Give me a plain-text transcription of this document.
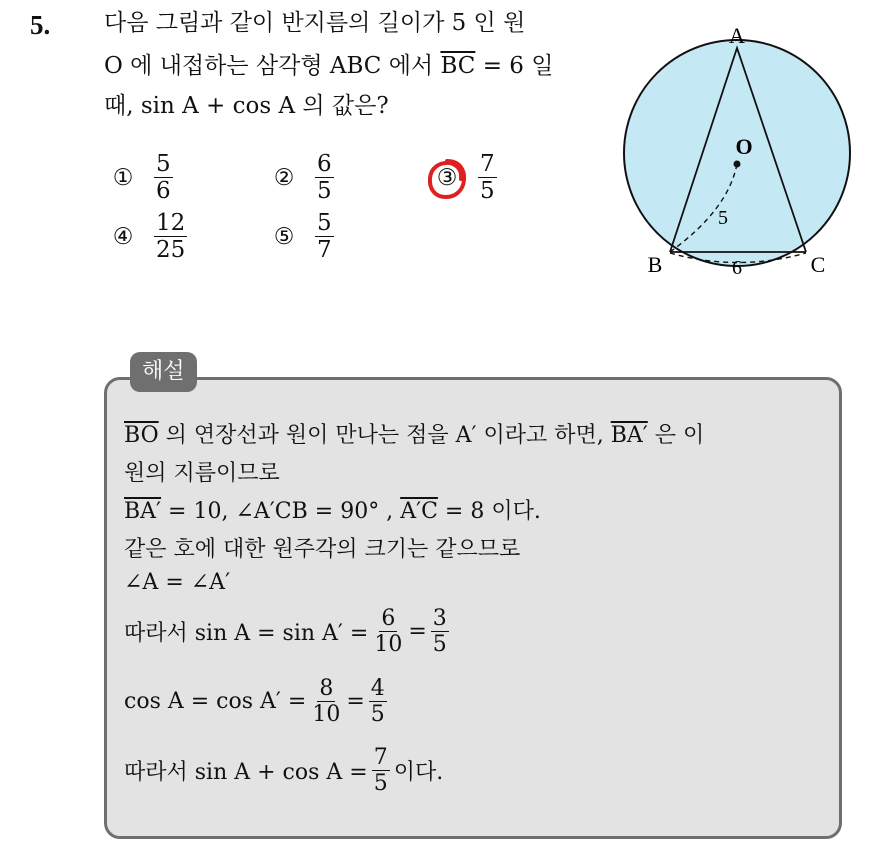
5. 다음 그림과 같이 반지름의 길이가 5 인 원
O 에 내접하는 삼각형 ABC 에서 $\overline{BC} = 6$ 일
때, sin A + cos A 의 값은?
① $\frac{5}{6}$	② $\frac{6}{5}$	③ $\frac{7}{5}$
④ $\frac{12}{25}$	⑤ $\frac{5}{7}$
A
O
B	C
5
6
해설
$\overline{BO}$ 의 연장선과 원이 만나는 점을 A′ 이라고 하면, BA′ 은 이
원의 지름이므로
BA′ = 10, ∠A′CB = 90° , A′C = 8 이다.
같은 호에 대한 원주각의 크기는 같으므로
∠A = ∠A′
따라서 $\sin A = \sin A' = \frac{6}{10} = \frac{3}{5}$
$\cos A = \cos A' = \frac{8}{10} = \frac{4}{5}$
따라서 $\sin A + \cos A = \frac{7}{5}$ 이다.
